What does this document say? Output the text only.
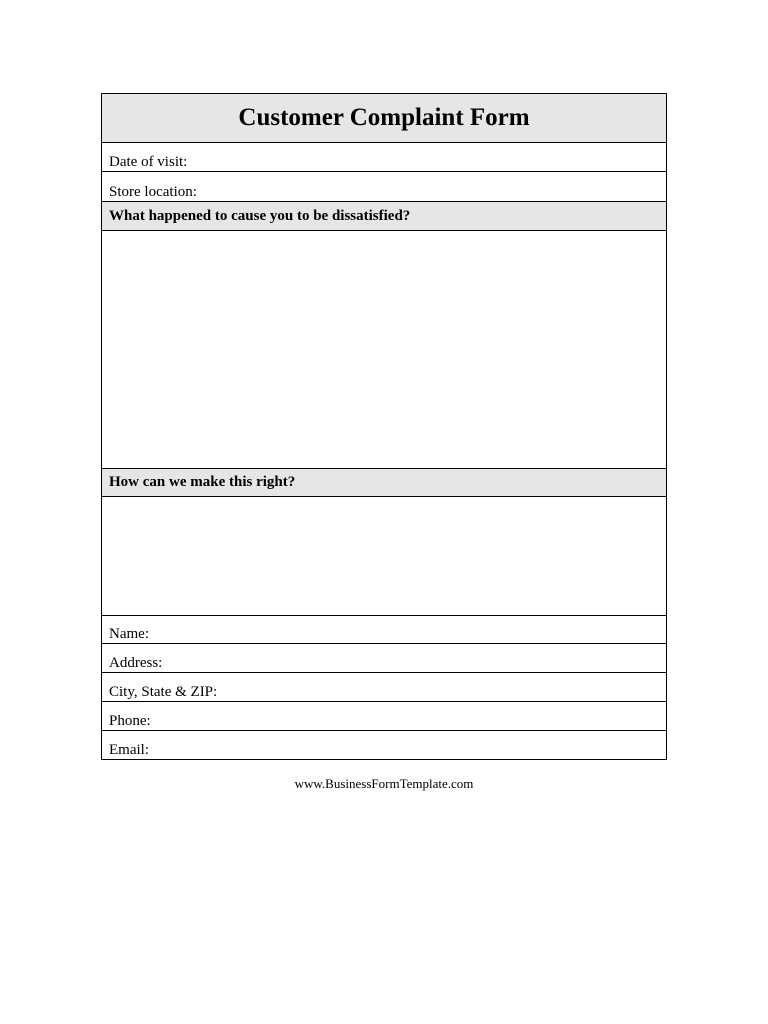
Customer Complaint Form
Date of visit:
Store location:
What happened to cause you to be dissatisfied?
How can we make this right?
Name:
Address:
City, State & ZIP:
Phone:
Email:
www.BusinessFormTemplate.com
